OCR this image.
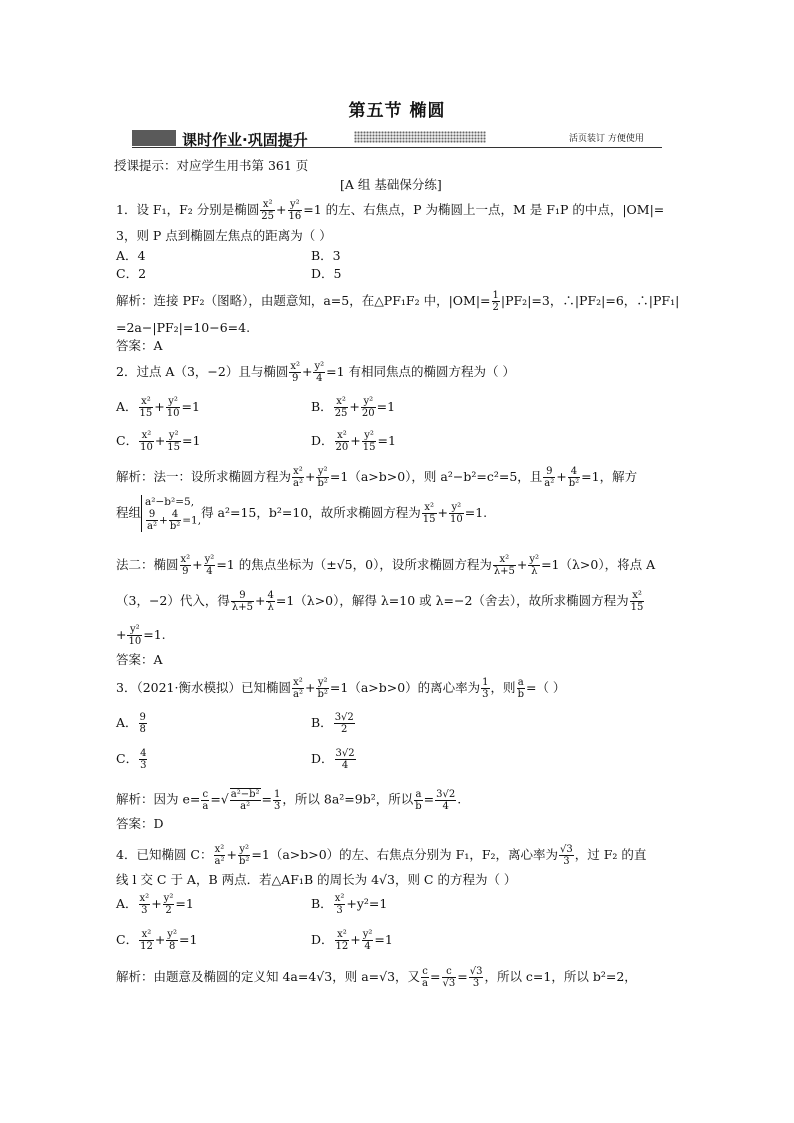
第五节 椭圆
课时作业·巩固提升	活页装订 方便使用
授课提示：对应学生用书第 361 页
[A 组 基础保分练]
1．设 F₁，F₂ 分别是椭圆 $\frac{\text{x²}}{25} + \frac{\text{y²}}{16} =1$ 的左、右焦点，P 为椭圆上一点，M 是 F₁P 的中点，|OM|=
3，则 P 点到椭圆左焦点的距离为（ ）
A．4	B．3
C．2	D．5
解析：连接 PF₂（图略），由题意知，a=5，在△PF₁F₂ 中，$|OM|= \frac{1}{2} |PF_2|=3$，∴|PF₂|=6，∴|PF₁|
=2a−|PF₂|=10−6=4.
答案：A
2．过点 A（3，−2）且与椭圆 $\frac{\text{x²}}{9} + \frac{\text{y²}}{4} =1$ 有相同焦点的椭圆方程为（ ）
A． $\frac{\text{x²}}{15} + \frac{\text{y²}}{10} =1$	B． $\frac{\text{x²}}{25} + \frac{\text{y²}}{20} =1$
C． $\frac{\text{x²}}{10} + \frac{\text{y²}}{15} =1$	D． $\frac{\text{x²}}{20} + \frac{\text{y²}}{15} =1$
解析：法一：设所求椭圆方程为 $\frac{\text{x²}}{\text{a²}} + \frac{\text{y²}}{\text{b²}} =1(a>b>0)$，则 a²−b²=c²=5，且 $\frac{9}{\text{a²}} + \frac{4}{\text{b²}} =1$，解方
程组
a²−b²=5,
$\frac{9}{\text{a²}} + \frac{4}{\text{b²}} =1$,
得 a²=15，b²=10，故所求椭圆方程为 $\frac{\text{x²}}{15} + \frac{\text{y²}}{10} =1$.
法二：椭圆 $\frac{\text{x²}}{9} + \frac{\text{y²}}{4} =1$ 的焦点坐标为（±√5，0），设所求椭圆方程为 $\frac{\text{x²}}{\lambda+5} + \frac{\text{y²}}{\lambda} =1(\lambda>0)$，将点 A
（3，−2）代入，得 $\frac{9}{\lambda+5} + \frac{4}{\lambda} =1(\lambda>0)$，解得 λ=10 或 λ=−2（舍去），故所求椭圆方程为 $\frac{\text{x²}}{15}$
+ $\frac{\text{y²}}{10} =1$.
答案：A
3．（2021·衡水模拟）已知椭圆 $\frac{\text{x²}}{\text{a²}} + \frac{\text{y²}}{\text{b²}} =1(a>b>0)$的离心率为 $\frac{1}{3}$ ，则 $\frac{a}{b}$ =（ ）
A． $\frac{9}{8}$	B． $\frac{3√2}{2}$
C． $\frac{4}{3}$	D． $\frac{3√2}{4}$
解析：因为 $e= \frac{c}{a}$ =√ $\frac{\text{a²−b²}}{\text{a²}} = \frac{1}{3}$ ，所以 8a²=9b²，所以 $\frac{a}{b} = \frac{3√2}{4}$ .
答案：D
4．已知椭圆 C： $\frac{\text{x²}}{\text{a²}} + \frac{\text{y²}}{\text{b²}} =1(a>b>0)$的左、右焦点分别为 F₁，F₂，离心率为 $\frac{√3}{3}$ ，过 F₂ 的直
线 l 交 C 于 A，B 两点．若△AF₁B 的周长为 4√3，则 C 的方程为（ ）
A． $\frac{\text{x²}}{3} + \frac{\text{y²}}{2} =1$	B． $\frac{\text{x²}}{3} +y^2=1$
C． $\frac{\text{x²}}{12} + \frac{\text{y²}}{8} =1$	D． $\frac{\text{x²}}{12} + \frac{\text{y²}}{4} =1$
解析：由题意及椭圆的定义知 4a=4√3，则 a=√3，又 $\frac{c}{a} = \frac{c}{√3} = \frac{√3}{3}$ ，所以 c=1，所以 b²=2，
